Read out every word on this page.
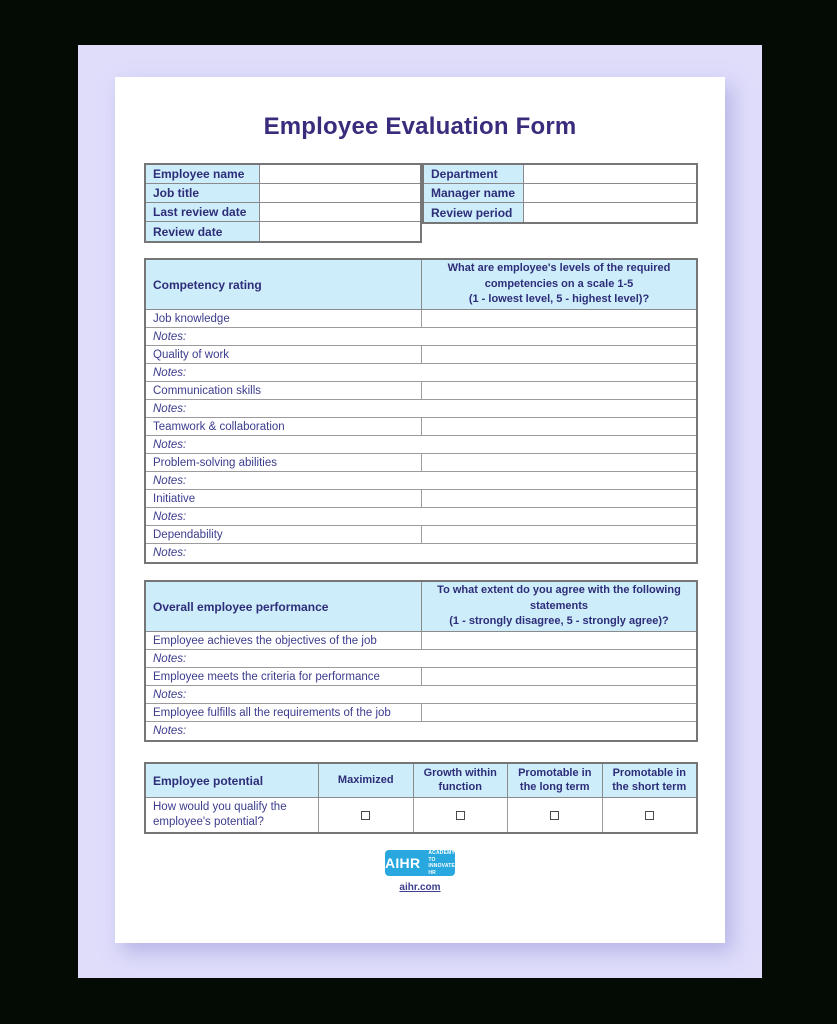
Employee Evaluation Form
Employee name
Job title
Last review date
Review date
Department
Manager name
Review period
Competency rating
What are employee's levels of the required
competencies on a scale 1-5
(1 - lowest level, 5 - highest level)?
Job knowledge
Notes:
Quality of work
Notes:
Communication skills
Notes:
Teamwork & collaboration
Notes:
Problem-solving abilities
Notes:
Initiative
Notes:
Dependability
Notes:
Overall employee performance
To what extent do you agree with the following
statements
(1 - strongly disagree, 5 - strongly agree)?
Employee achieves the objectives of the job
Notes:
Employee meets the criteria for performance
Notes:
Employee fulfills all the requirements of the job
Notes:
Employee potential	Maximized
Growth within function
Promotable in the long term
Promotable in the short term
How would you qualify the employee's potential?
AIHR
ACADEMY TO
INNOVATE HR
aihr.com
